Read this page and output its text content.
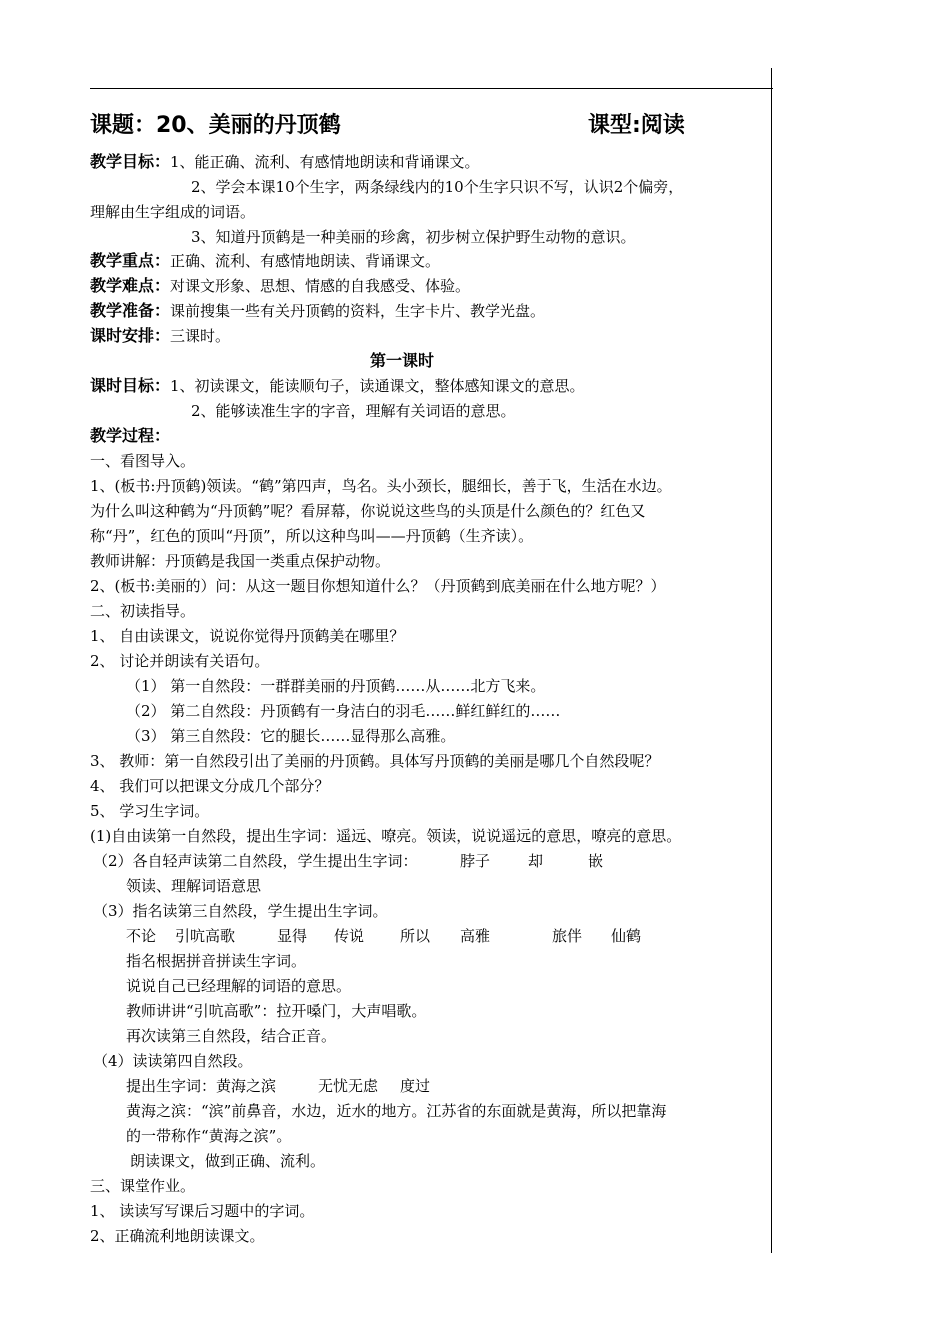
课题：20、美丽的丹顶鹤	课型:阅读
教学目标：1、能正确、流利、有感情地朗读和背诵课文。
2、学会本课10个生字，两条绿线内的10个生字只识不写，认识2个偏旁，
理解由生字组成的词语。
3、知道丹顶鹤是一种美丽的珍禽，初步树立保护野生动物的意识。
教学重点：正确、流利、有感情地朗读、背诵课文。
教学难点：对课文形象、思想、情感的自我感受、体验。
教学准备：课前搜集一些有关丹顶鹤的资料，生字卡片、教学光盘。
课时安排：三课时。
第一课时
课时目标：1、初读课文，能读顺句子，读通课文，整体感知课文的意思。
2、能够读准生字的字音，理解有关词语的意思。
教学过程：
一、看图导入。
1、(板书:丹顶鹤)领读。“鹤”第四声，鸟名。头小颈长，腿细长，善于飞，生活在水边。
为什么叫这种鹤为“丹顶鹤”呢？看屏幕，你说说这些鸟的头顶是什么颜色的？红色又
称“丹”，红色的顶叫“丹顶”，所以这种鸟叫——丹顶鹤（生齐读）。
教师讲解：丹顶鹤是我国一类重点保护动物。
2、(板书:美丽的）问：从这一题目你想知道什么？（丹顶鹤到底美丽在什么地方呢？）
二、初读指导。
1、 自由读课文，说说你觉得丹顶鹤美在哪里？
2、 讨论并朗读有关语句。
（1） 第一自然段：一群群美丽的丹顶鹤……从……北方飞来。
（2） 第二自然段：丹顶鹤有一身洁白的羽毛……鲜红鲜红的……
（3） 第三自然段：它的腿长……显得那么高雅。
3、 教师：第一自然段引出了美丽的丹顶鹤。具体写丹顶鹤的美丽是哪几个自然段呢？
4、 我们可以把课文分成几个部分？
5、 学习生字词。
(1)自由读第一自然段，提出生字词：遥远、嘹亮。领读，说说遥远的意思，嘹亮的意思。
（2）各自轻声读第二自然段，学生提出生字词：	脖子	却	嵌
领读、理解词语意思
（3）指名读第三自然段，学生提出生字词。
不论 引吭高歌	显得 传说 所以 高雅	旅伴 仙鹤
指名根据拼音拼读生字词。
说说自己已经理解的词语的意思。
教师讲讲“引吭高歌”：拉开嗓门，大声唱歌。
再次读第三自然段，结合正音。
（4）读读第四自然段。
提出生字词：黄海之滨	无忧无虑 度过
黄海之滨：“滨”前鼻音，水边，近水的地方。江苏省的东面就是黄海，所以把靠海
的一带称作“黄海之滨”。
朗读课文，做到正确、流利。
三、课堂作业。
1、 读读写写课后习题中的字词。
2、正确流利地朗读课文。
